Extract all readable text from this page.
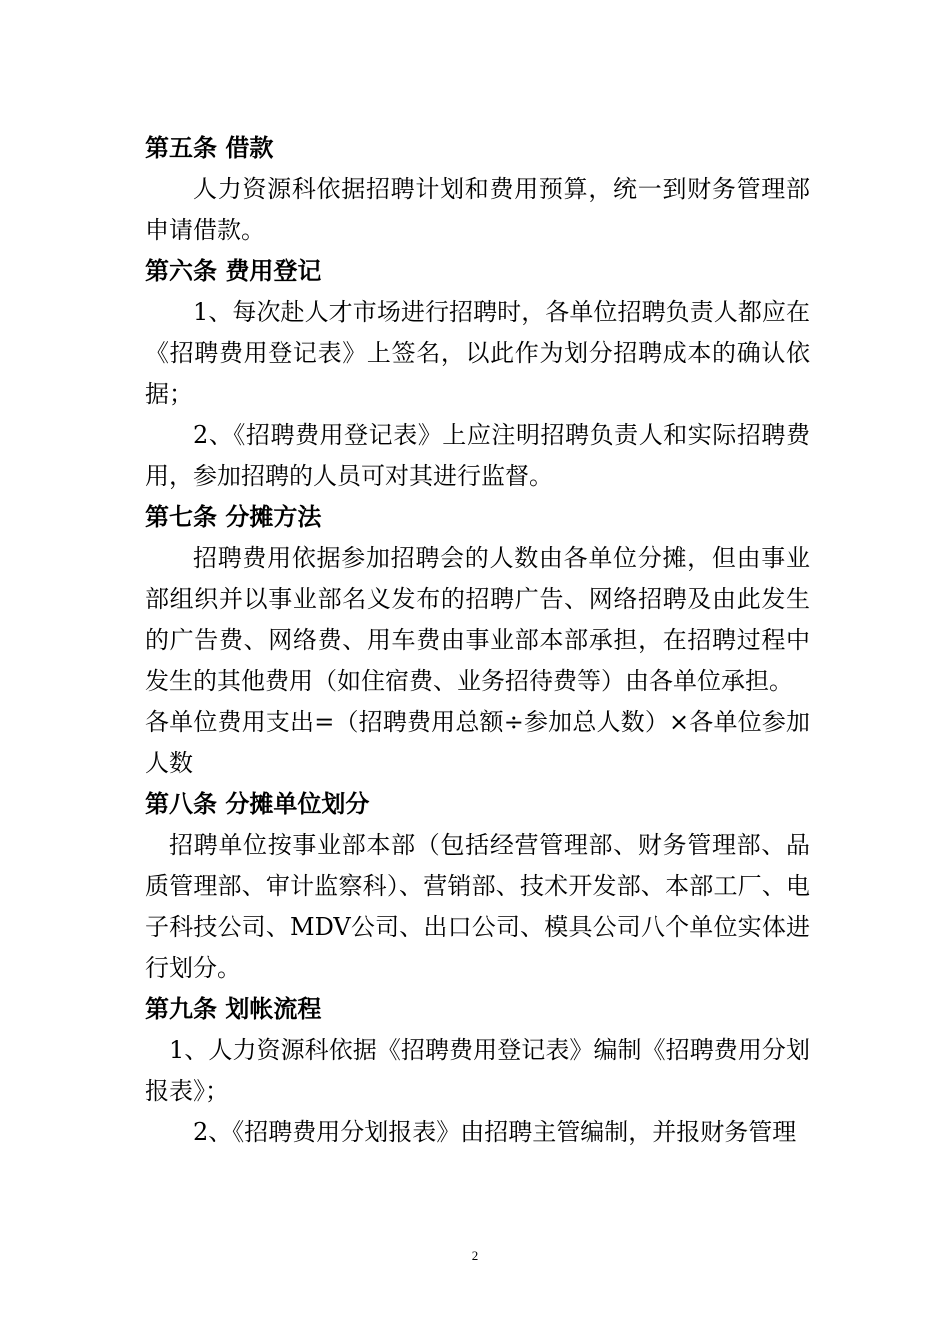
第五条 借款

人力资源科依据招聘计划和费用预算，统一到财务管理部申请借款。

第六条 费用登记

1、每次赴人才市场进行招聘时，各单位招聘负责人都应在《招聘费用登记表》上签名，以此作为划分招聘成本的确认依据；

2、《招聘费用登记表》上应注明招聘负责人和实际招聘费用，参加招聘的人员可对其进行监督。

第七条 分摊方法

招聘费用依据参加招聘会的人数由各单位分摊，但由事业部组织并以事业部名义发布的招聘广告、网络招聘及由此发生的广告费、网络费、用车费由事业部本部承担，在招聘过程中发生的其他费用（如住宿费、业务招待费等）由各单位承担。

各单位费用支出=（招聘费用总额÷参加总人数）×各单位参加人数

第八条 分摊单位划分

招聘单位按事业部本部（包括经营管理部、财务管理部、品质管理部、审计监察科）、营销部、技术开发部、本部工厂、电子科技公司、MDV公司、出口公司、模具公司八个单位实体进行划分。

第九条 划帐流程

1、人力资源科依据《招聘费用登记表》编制《招聘费用分划报表》；

2、《招聘费用分划报表》由招聘主管编制，并报财务管理

2
